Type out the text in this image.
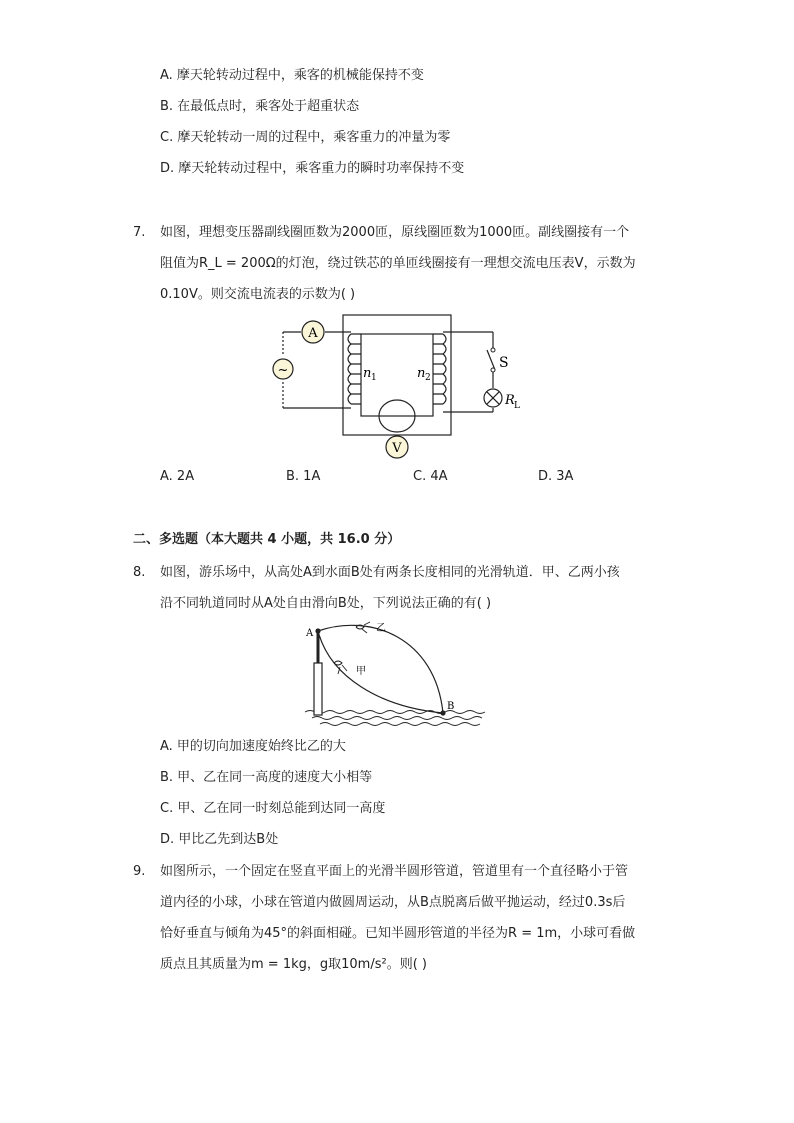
A. 摩天轮转动过程中，乘客的机械能保持不变
B. 在最低点时，乘客处于超重状态
C. 摩天轮转动一周的过程中，乘客重力的冲量为零
D. 摩天轮转动过程中，乘客重力的瞬时功率保持不变
7. 如图，理想变压器副线圈匝数为2000匝，原线圈匝数为1000匝。副线圈接有一个
阻值为R_L = 200Ω的灯泡，绕过铁芯的单匝线圈接有一理想交流电压表V，示数为
0.10V。则交流电流表的示数为( )
A
~
V
n 1	n 2
S
R L
A. 2A	B. 1A	C. 4A	D. 3A
二、多选题（本大题共 4 小题，共 16.0 分）
8. 如图，游乐场中，从高处A到水面B处有两条长度相同的光滑轨道．甲、乙两小孩
沿不同轨道同时从A处自由滑向B处，下列说法正确的有( )
A
B
乙
甲
A. 甲的切向加速度始终比乙的大
B. 甲、乙在同一高度的速度大小相等
C. 甲、乙在同一时刻总能到达同一高度
D. 甲比乙先到达B处
9. 如图所示，一个固定在竖直平面上的光滑半圆形管道，管道里有一个直径略小于管
道内径的小球，小球在管道内做圆周运动，从B点脱离后做平抛运动，经过0.3s后
恰好垂直与倾角为45°的斜面相碰。已知半圆形管道的半径为R = 1m，小球可看做
质点且其质量为m = 1kg，g取10m/s²。则( )
